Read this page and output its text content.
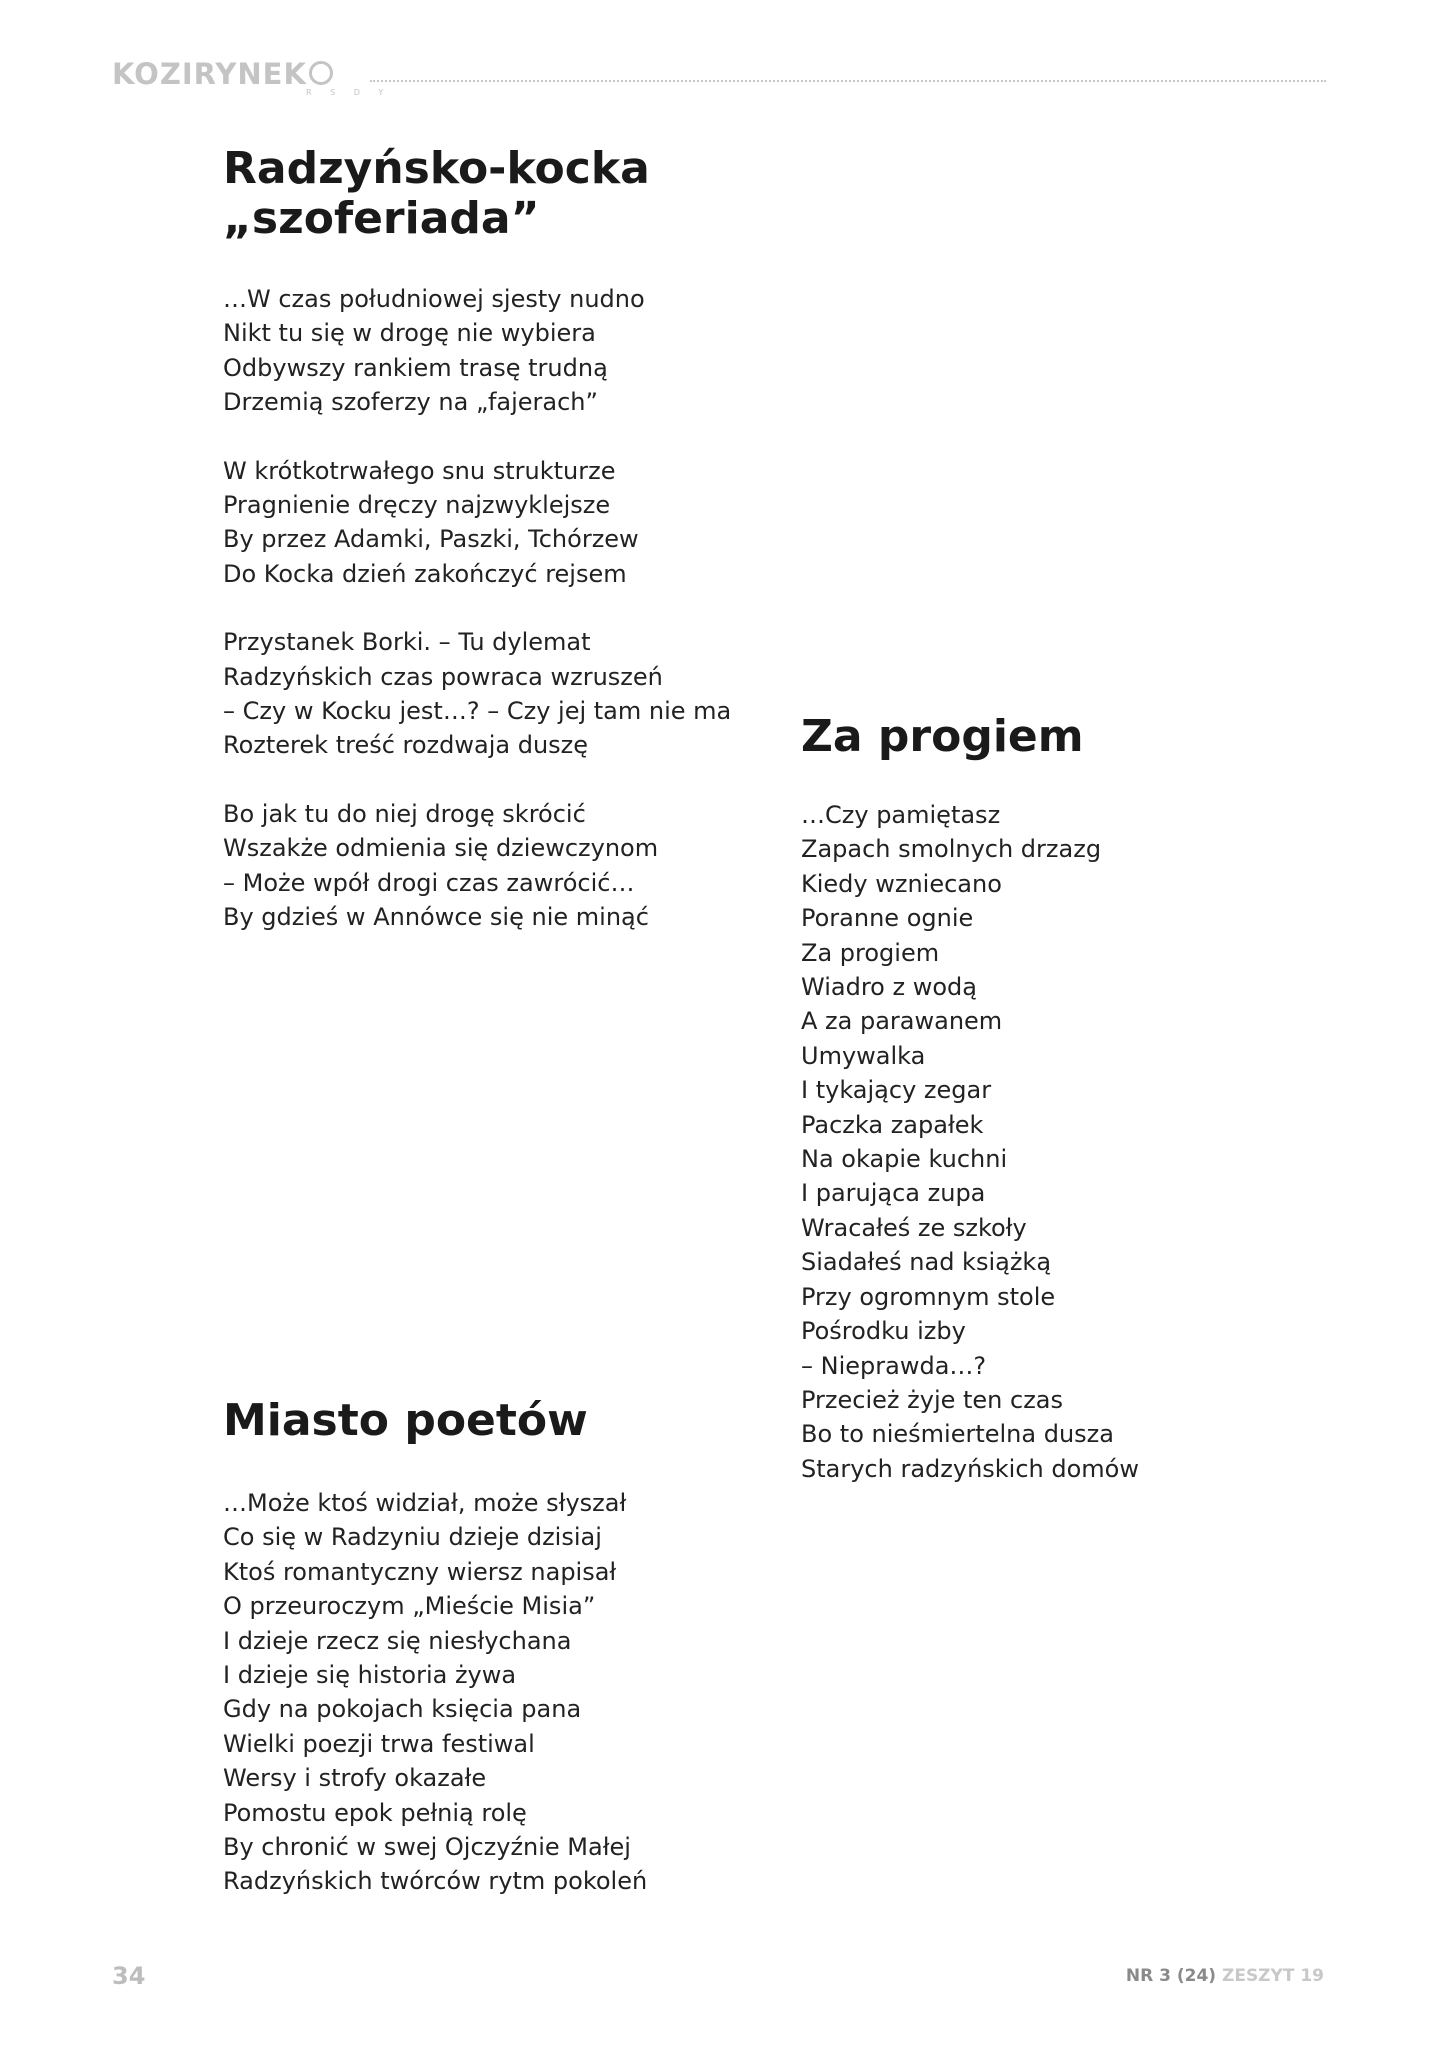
KOZIRYNEK
R S D Y
Radzyńsko-kocka
„szoferiada”
…W czas południowej sjesty nudno
Nikt tu się w drogę nie wybiera
Odbywszy rankiem trasę trudną
Drzemią szoferzy na „fajerach”
W krótkotrwałego snu strukturze
Pragnienie dręczy najzwyklejsze
By przez Adamki, Paszki, Tchórzew
Do Kocka dzień zakończyć rejsem
Przystanek Borki. – Tu dylemat
Radzyńskich czas powraca wzruszeń
– Czy w Kocku jest…? – Czy jej tam nie ma
Rozterek treść rozdwaja duszę
Bo jak tu do niej drogę skrócić
Wszakże odmienia się dziewczynom
– Może wpół drogi czas zawrócić…
By gdzieś w Annówce się nie minąć
Miasto poetów
…Może ktoś widział, może słyszał
Co się w Radzyniu dzieje dzisiaj
Ktoś romantyczny wiersz napisał
O przeuroczym „Mieście Misia”
I dzieje rzecz się niesłychana
I dzieje się historia żywa
Gdy na pokojach księcia pana
Wielki poezji trwa festiwal
Wersy i strofy okazałe
Pomostu epok pełnią rolę
By chronić w swej Ojczyźnie Małej
Radzyńskich twórców rytm pokoleń
Za progiem
…Czy pamiętasz
Zapach smolnych drzazg
Kiedy wzniecano
Poranne ognie
Za progiem
Wiadro z wodą
A za parawanem
Umywalka
I tykający zegar
Paczka zapałek
Na okapie kuchni
I parująca zupa
Wracałeś ze szkoły
Siadałeś nad książką
Przy ogromnym stole
Pośrodku izby
– Nieprawda…?
Przecież żyje ten czas
Bo to nieśmiertelna dusza
Starych radzyńskich domów
34	NR 3 (24) ZESZYT 19
